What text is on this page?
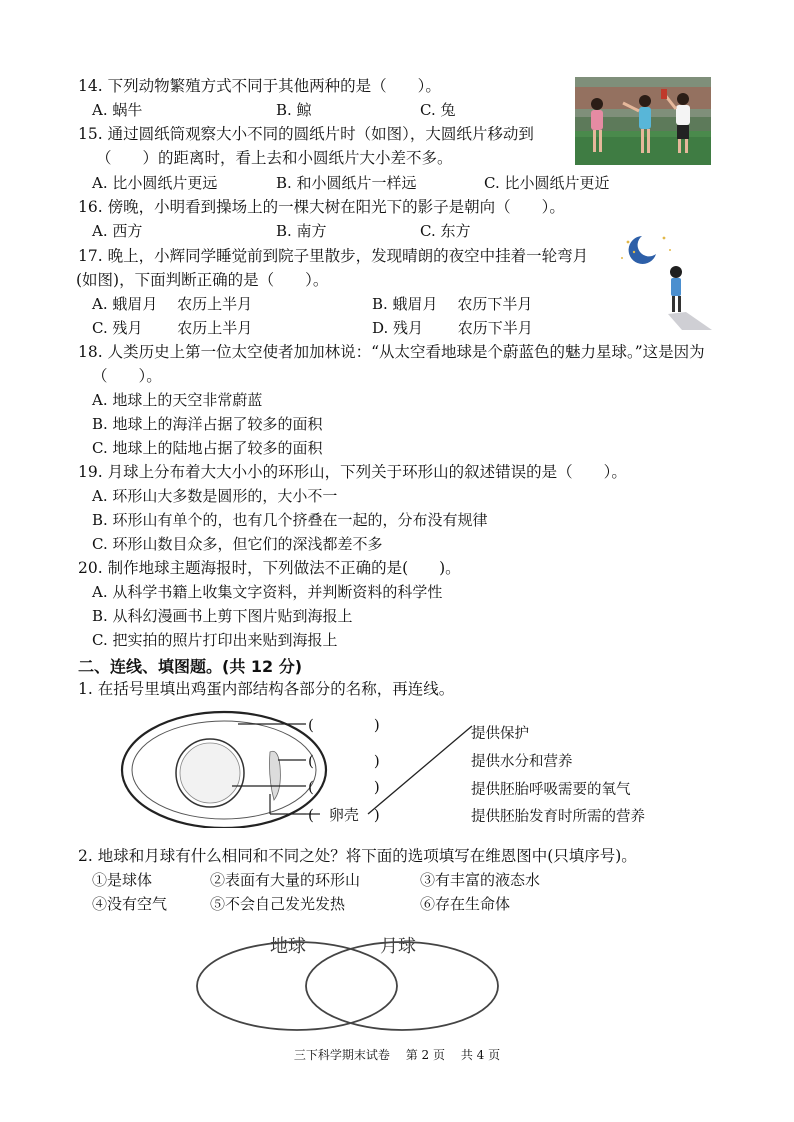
14. 下列动物繁殖方式不同于其他两种的是（　　）。
A. 蜗牛	B. 鲸	C. 兔
15. 通过圆纸筒观察大小不同的圆纸片时（如图），大圆纸片移动到
（　　）的距离时，看上去和小圆纸片大小差不多。
A. 比小圆纸片更远	B. 和小圆纸片一样远	C. 比小圆纸片更近
16. 傍晚，小明看到操场上的一棵大树在阳光下的影子是朝向（　　）。
A. 西方	B. 南方	C. 东方
17. 晚上，小辉同学睡觉前到院子里散步，发现晴朗的夜空中挂着一轮弯月
(如图)，下面判断正确的是（　　）。
A. 蛾眉月　 农历上半月	B. 蛾眉月　 农历下半月
C. 残月　　 农历上半月	D. 残月　　 农历下半月
18. 人类历史上第一位太空使者加加林说：“从太空看地球是个蔚蓝色的魅力星球。”这是因为
（　　）。
A. 地球上的天空非常蔚蓝
B. 地球上的海洋占据了较多的面积
C. 地球上的陆地占据了较多的面积
19. 月球上分布着大大小小的环形山，下列关于环形山的叙述错误的是（　　）。
A. 环形山大多数是圆形的，大小不一
B. 环形山有单个的，也有几个挤叠在一起的，分布没有规律
C. 环形山数目众多，但它们的深浅都差不多
20. 制作地球主题海报时，下列做法不正确的是(　　)。
A. 从科学书籍上收集文字资料，并判断资料的科学性
B. 从科幻漫画书上剪下图片贴到海报上
C. 把实拍的照片打印出来贴到海报上
二、连线、填图题。(共 12 分)
1. 在括号里填出鸡蛋内部结构各部分的名称，再连线。
(　　　　)
(　　　　)
(　　　　)
(　卵壳　)
提供保护
提供水分和营养
提供胚胎呼吸需要的氧气
提供胚胎发育时所需的营养
2. 地球和月球有什么相同和不同之处？将下面的选项填写在维恩图中(只填序号)。
①是球体	②表面有大量的环形山	③有丰富的液态水
④没有空气	⑤不会自己发光发热	⑥存在生命体
地球	月球
三下科学期末试卷 第 2 页 共 4 页
